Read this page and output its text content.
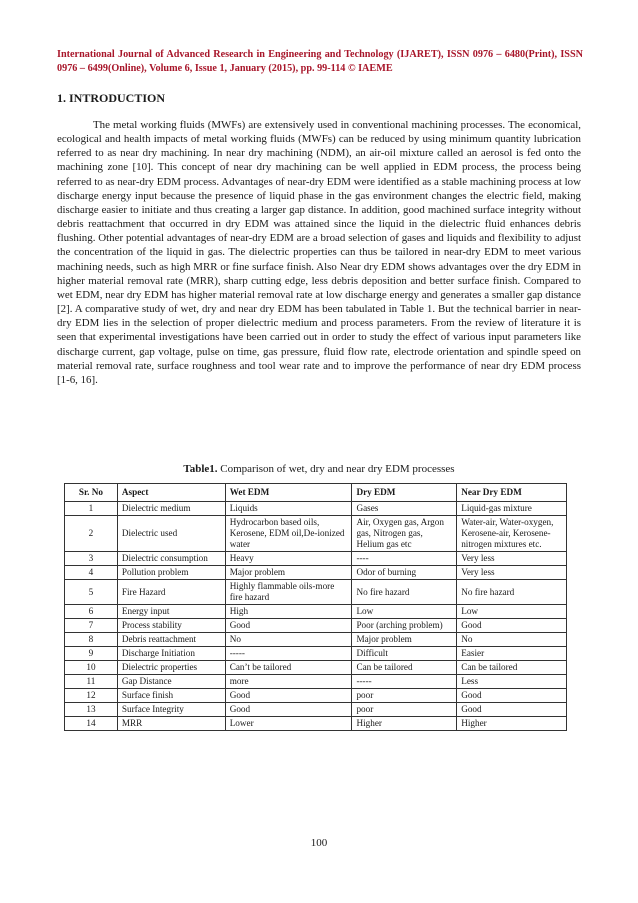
International Journal of Advanced Research in Engineering and Technology (IJARET), ISSN 0976 – 6480(Print), ISSN 0976 – 6499(Online), Volume 6, Issue 1, January (2015), pp. 99-114 © IAEME
1. INTRODUCTION

The metal working fluids (MWFs) are extensively used in conventional machining processes. The economical, ecological and health impacts of metal working fluids (MWFs) can be reduced by using minimum quantity lubrication referred to as near dry machining. In near dry machining (NDM), an air-oil mixture called an aerosol is fed onto the machining zone [10]. This concept of near dry machining can be well applied in EDM process, the process being referred to as near-dry EDM process. Advantages of near-dry EDM were identified as a stable machining process at low discharge energy input because the presence of liquid phase in the gas environment changes the electric field, making discharge easier to initiate and thus creating a larger gap distance. In addition, good machined surface integrity without debris reattachment that occurred in dry EDM was attained since the liquid in the dielectric fluid enhances debris flushing. Other potential advantages of near-dry EDM are a broad selection of gases and liquids and flexibility to adjust the concentration of the liquid in gas. The dielectric properties can thus be tailored in near-dry EDM to meet various machining needs, such as high MRR or fine surface finish. Also Near dry EDM shows advantages over the dry EDM in higher material removal rate (MRR), sharp cutting edge, less debris deposition and better surface finish. Compared to wet EDM, near dry EDM has higher material removal rate at low discharge energy and generates a smaller gap distance [2]. A comparative study of wet, dry and near dry EDM has been tabulated in Table 1. But the technical barrier in near-dry EDM lies in the selection of proper dielectric medium and process parameters. From the review of literature it is seen that experimental investigations have been carried out in order to study the effect of various input parameters like discharge current, gap voltage, pulse on time, gas pressure, fluid flow rate, electrode orientation and spindle speed on material removal rate, surface roughness and tool wear rate and to improve the performance of near dry EDM process [1-6, 16].

Table1. Comparison of wet, dry and near dry EDM processes
Sr. No	Aspect	Wet EDM	Dry EDM	Near Dry EDM
1	Dielectric medium	Liquids	Gases	Liquid-gas mixture
2	Dielectric used	Hydrocarbon based oils, Kerosene, EDM oil,De-ionized water	Air, Oxygen gas, Argon gas, Nitrogen gas, Helium gas etc	Water-air, Water-oxygen, Kerosene-air, Kerosene-nitrogen mixtures etc.
3	Dielectric consumption	Heavy	----	Very less
4	Pollution problem	Major problem	Odor of burning	Very less
5	Fire Hazard	Highly flammable oils-more fire hazard	No fire hazard	No fire hazard
6	Energy input	High	Low	Low
7	Process stability	Good	Poor (arching problem)	Good
8	Debris reattachment	No	Major problem	No
9	Discharge Initiation	-----	Difficult	Easier
10	Dielectric properties	Can’t be tailored	Can be tailored	Can be tailored
11	Gap Distance	more	-----	Less
12	Surface finish	Good	poor	Good
13	Surface Integrity	Good	poor	Good
14	MRR	Lower	Higher	Higher
100
